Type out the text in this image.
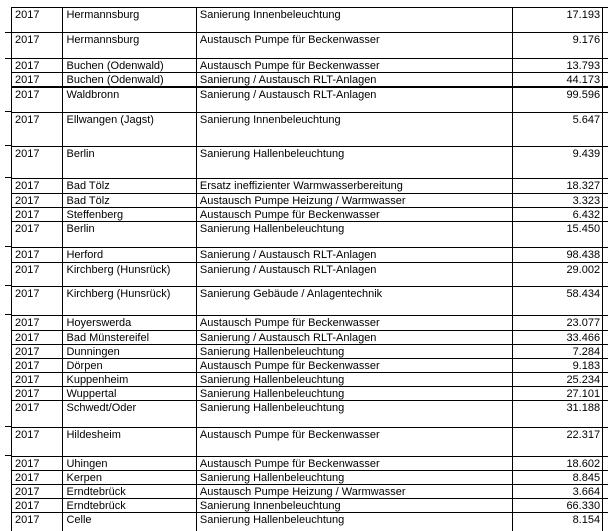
2017	Hermannsburg	Sanierung Innenbeleuchtung	17.193	
2017	Hermannsburg	Austausch Pumpe für Beckenwasser	9.176	
2017	Buchen (Odenwald)	Austausch Pumpe für Beckenwasser	13.793	
2017	Buchen (Odenwald)	Sanierung / Austausch RLT-Anlagen	44.173	
2017	Waldbronn	Sanierung / Austausch RLT-Anlagen	99.596	
2017	Ellwangen (Jagst)	Sanierung Innenbeleuchtung	5.647	
2017	Berlin	Sanierung Hallenbeleuchtung	9.439	
2017	Bad Tölz	Ersatz ineffizienter Warmwasserbereitung	18.327	
2017	Bad Tölz	Austausch Pumpe Heizung / Warmwasser	3.323	
2017	Steffenberg	Austausch Pumpe für Beckenwasser	6.432	
2017	Berlin	Sanierung Hallenbeleuchtung	15.450	
2017	Herford	Sanierung / Austausch RLT-Anlagen	98.438	
2017	Kirchberg (Hunsrück)	Sanierung / Austausch RLT-Anlagen	29.002	
2017	Kirchberg (Hunsrück)	Sanierung Gebäude / Anlagentechnik	58.434	
2017	Hoyerswerda	Austausch Pumpe für Beckenwasser	23.077	
2017	Bad Münstereifel	Sanierung / Austausch RLT-Anlagen	33.466	
2017	Dunningen	Sanierung Hallenbeleuchtung	7.284	
2017	Dörpen	Austausch Pumpe für Beckenwasser	9.183	
2017	Kuppenheim	Sanierung Hallenbeleuchtung	25.234	
2017	Wuppertal	Sanierung Hallenbeleuchtung	27.101	
2017	Schwedt/Oder	Sanierung Hallenbeleuchtung	31.188	
2017	Hildesheim	Austausch Pumpe für Beckenwasser	22.317	
2017	Uhingen	Austausch Pumpe für Beckenwasser	18.602	
2017	Kerpen	Sanierung Hallenbeleuchtung	8.845	
2017	Erndtebrück	Austausch Pumpe Heizung / Warmwasser	3.664	
2017	Erndtebrück	Sanierung Innenbeleuchtung	66.330	
2017	Celle	Sanierung Hallenbeleuchtung	8.154	
